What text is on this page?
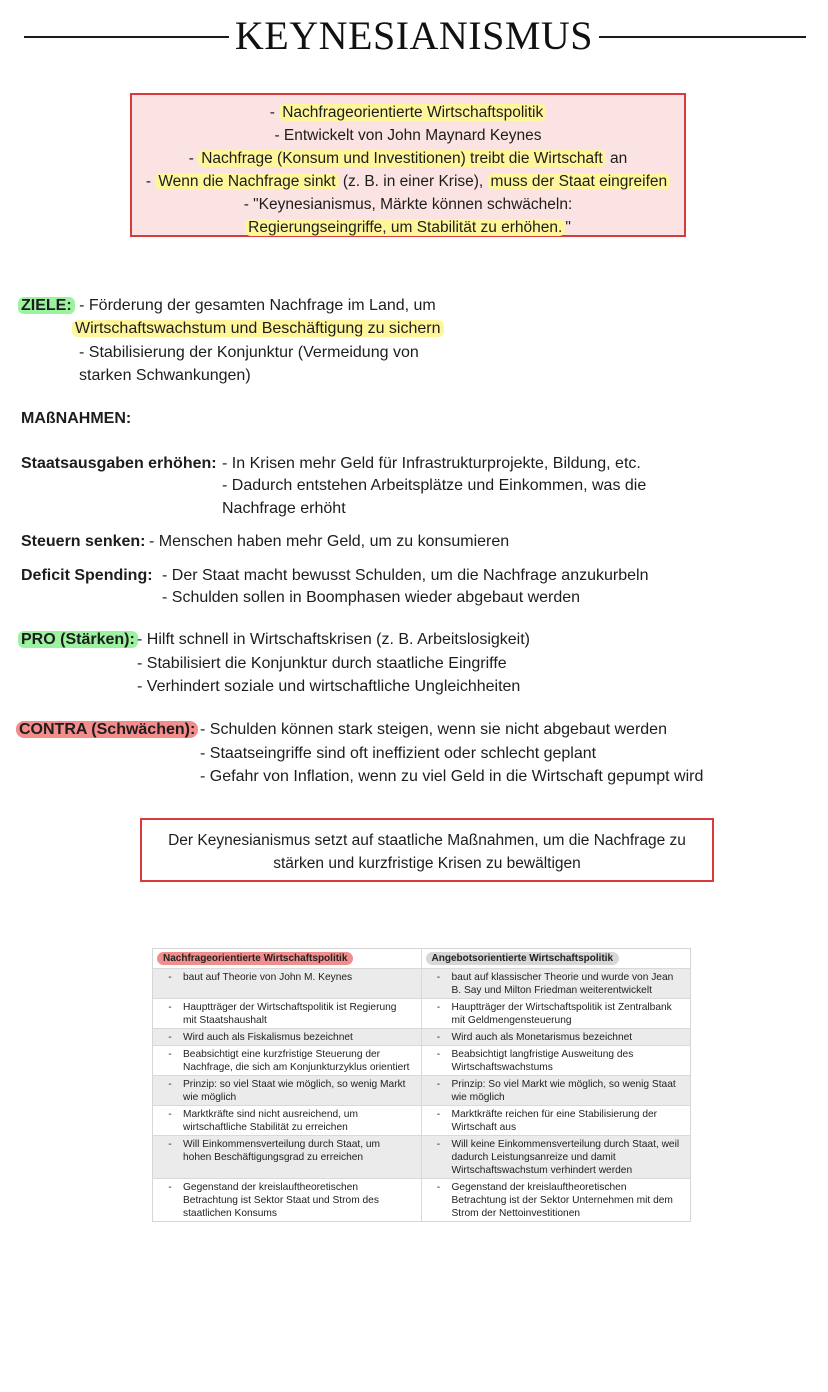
KEYNESIANISMUS
- Nachfrageorientierte Wirtschaftspolitik
- Entwickelt von John Maynard Keynes
- Nachfrage (Konsum und Investitionen) treibt die Wirtschaft an
- Wenn die Nachfrage sinkt (z. B. in einer Krise), muss der Staat eingreifen
- "Keynesianismus, Märkte können schwächeln:
Regierungseingriffe, um Stabilität zu erhöhen. "
ZIELE: - Förderung der gesamten Nachfrage im Land, um
Wirtschaftswachstum und Beschäftigung zu sichern
- Stabilisierung der Konjunktur (Vermeidung von
starken Schwankungen)
MAßNAHMEN:
Staatsausgaben erhöhen: - In Krisen mehr Geld für Infrastrukturprojekte, Bildung, etc.
- Dadurch entstehen Arbeitsplätze und Einkommen, was die
Nachfrage erhöht
Steuern senken: - Menschen haben mehr Geld, um zu konsumieren
Deficit Spending: - Der Staat macht bewusst Schulden, um die Nachfrage anzukurbeln
- Schulden sollen in Boomphasen wieder abgebaut werden
PRO (Stärken): - Hilft schnell in Wirtschaftskrisen (z. B. Arbeitslosigkeit)
- Stabilisiert die Konjunktur durch staatliche Eingriffe
- Verhindert soziale und wirtschaftliche Ungleichheiten
CONTRA (Schwächen): - Schulden können stark steigen, wenn sie nicht abgebaut werden
- Staatseingriffe sind oft ineffizient oder schlecht geplant
- Gefahr von Inflation, wenn zu viel Geld in die Wirtschaft gepumpt wird
Der Keynesianismus setzt auf staatliche Maßnahmen, um die Nachfrage zu
stärken und kurzfristige Krisen zu bewältigen
Nachfrageorientierte Wirtschaftspolitik	Angebotsorientierte Wirtschaftspolitik

- baut auf Theorie von John M. Keynes	- baut auf klassischer Theorie und wurde von Jean B. Say und Milton Friedman weiterentwickelt

- Hauptträger der Wirtschaftspolitik ist Regierung mit Staatshaushalt	- Hauptträger der Wirtschaftspolitik ist Zentralbank mit Geldmengensteuerung

- Wird auch als Fiskalismus bezeichnet	- Wird auch als Monetarismus bezeichnet

- Beabsichtigt eine kurzfristige Steuerung der Nachfrage, die sich am Konjunkturzyklus orientiert	- Beabsichtigt langfristige Ausweitung des Wirtschaftswachstums

- Prinzip: so viel Staat wie möglich, so wenig Markt wie möglich	- Prinzip: So viel Markt wie möglich, so wenig Staat wie möglich

- Marktkräfte sind nicht ausreichend, um wirtschaftliche Stabilität zu erreichen	- Marktkräfte reichen für eine Stabilisierung der Wirtschaft aus

- Will Einkommensverteilung durch Staat, um hohen Beschäftigungsgrad zu erreichen	- Will keine Einkommensverteilung durch Staat, weil dadurch Leistungsanreize und damit Wirtschaftswachstum verhindert werden

- Gegenstand der kreislauftheoretischen Betrachtung ist Sektor Staat und Strom des staatlichen Konsums	- Gegenstand der kreislauftheoretischen Betrachtung ist der Sektor Unternehmen mit dem Strom der Nettoinvestitionen
